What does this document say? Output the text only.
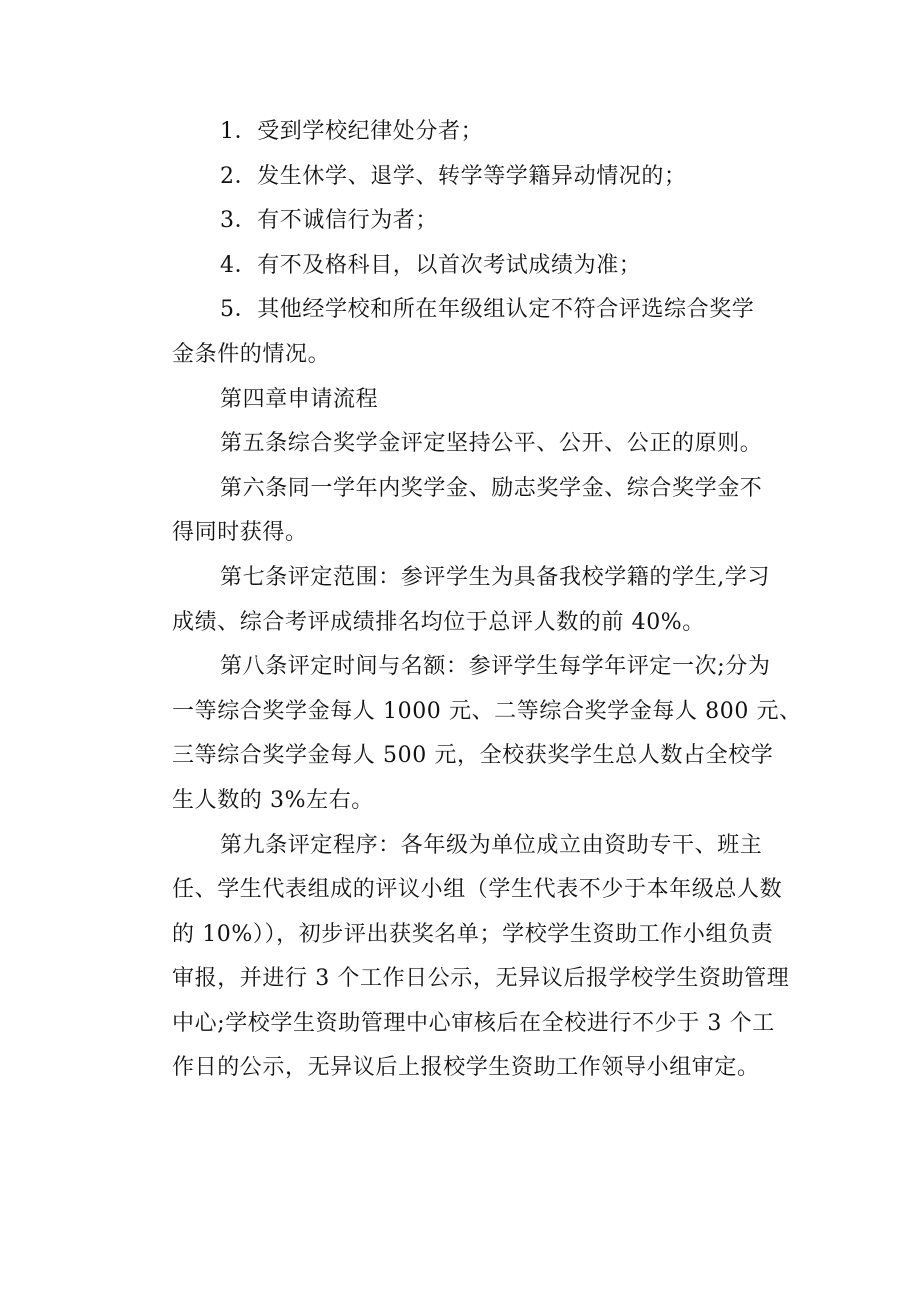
1．受到学校纪律处分者；
2．发生休学、退学、转学等学籍异动情况的；
3．有不诚信行为者；
4．有不及格科目，以首次考试成绩为准；
5．其他经学校和所在年级组认定不符合评选综合奖学
金条件的情况。
第四章申请流程
第五条综合奖学金评定坚持公平、公开、公正的原则。
第六条同一学年内奖学金、励志奖学金、综合奖学金不
得同时获得。
第七条评定范围：参评学生为具备我校学籍的学生,学习
成绩、综合考评成绩排名均位于总评人数的前 40%。
第八条评定时间与名额：参评学生每学年评定一次;分为
一等综合奖学金每人 1000 元、二等综合奖学金每人 800 元、
三等综合奖学金每人 500 元，全校获奖学生总人数占全校学
生人数的 3%左右。
第九条评定程序：各年级为单位成立由资助专干、班主
任、学生代表组成的评议小组（学生代表不少于本年级总人数
的 10%）），初步评出获奖名单；学校学生资助工作小组负责
审报，并进行 3 个工作日公示，无异议后报学校学生资助管理
中心;学校学生资助管理中心审核后在全校进行不少于 3 个工
作日的公示，无异议后上报校学生资助工作领导小组审定。
